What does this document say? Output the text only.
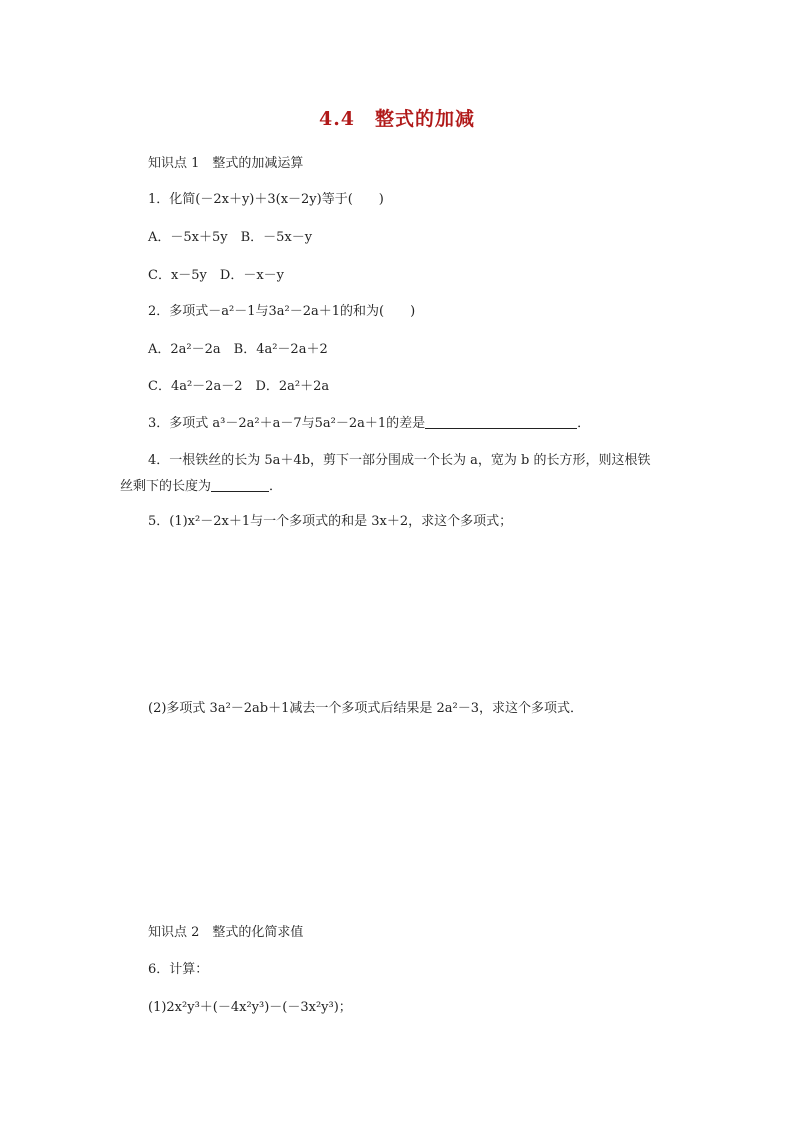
4.4　整式的加减
知识点 1　整式的加减运算
1．化简(－2x＋y)＋3(x－2y)等于(　　)
A．－5x＋5y　B．－5x－y
C．x－5y　D．－x－y
2．多项式－a²－1与3a²－2a＋1的和为(　　)
A．2a²－2a　B．4a²－2a＋2
C．4a²－2a－2　D．2a²＋2a
3．多项式 a³－2a²＋a－7与5a²－2a＋1的差是	．
4．一根铁丝的长为 5a＋4b，剪下一部分围成一个长为 a，宽为 b 的长方形，则这根铁
丝剩下的长度为	．
5．(1)x²－2x＋1与一个多项式的和是 3x＋2，求这个多项式；
(2)多项式 3a²－2ab＋1减去一个多项式后结果是 2a²－3，求这个多项式．
知识点 2　整式的化简求值
6．计算：
(1)2x²y³＋(－4x²y³)－(－3x²y³)；
